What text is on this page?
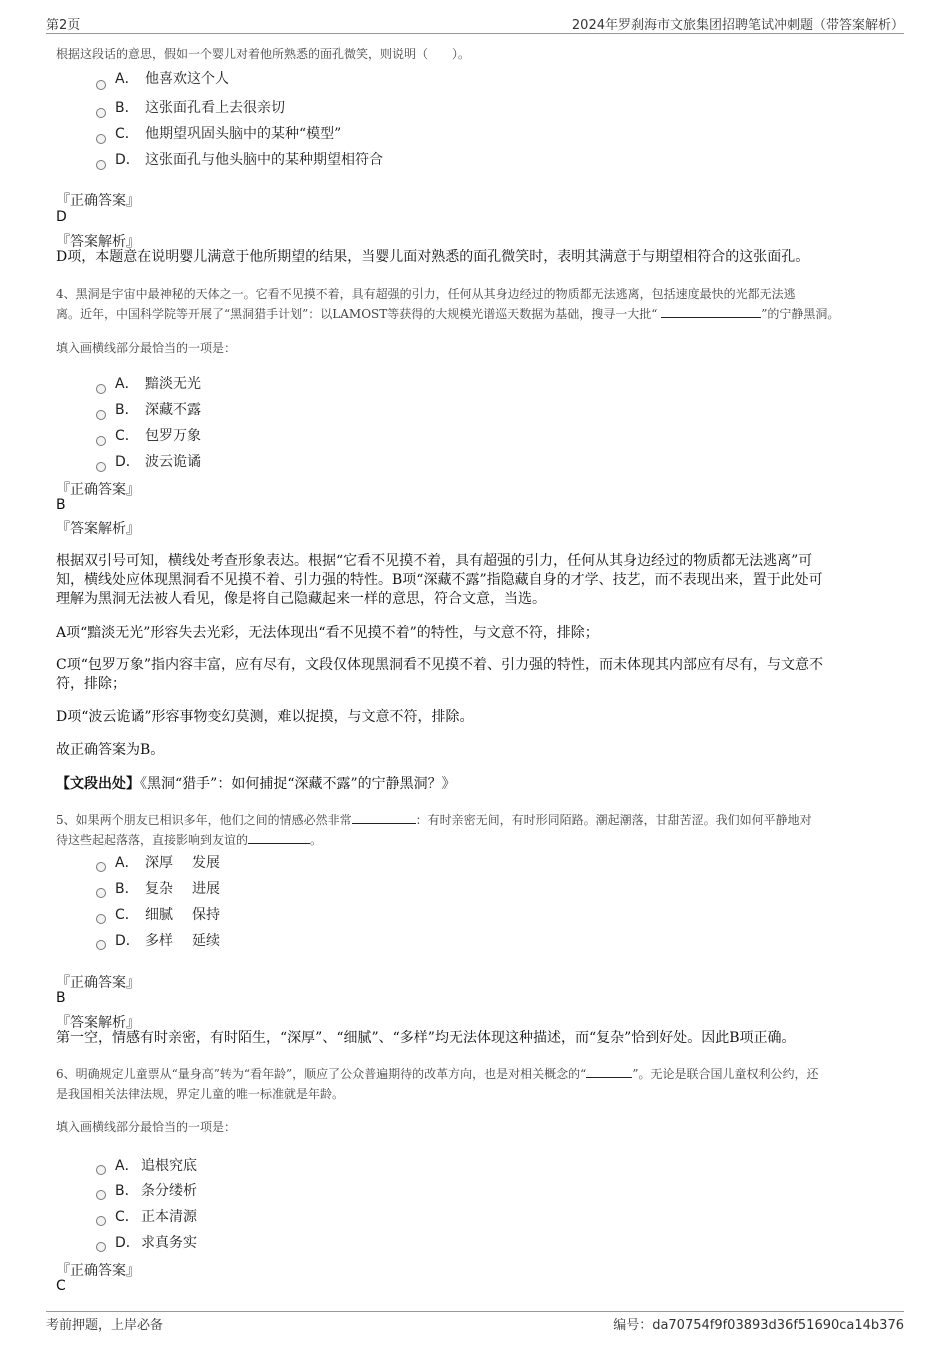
第2页	2024年罗刹海市文旅集团招聘笔试冲刺题（带答案解析）
根据这段话的意思，假如一个婴儿对着他所熟悉的面孔微笑，则说明（　　）。
A． 他喜欢这个人
B． 这张面孔看上去很亲切
C． 他期望巩固头脑中的某种“模型”
D． 这张面孔与他头脑中的某种期望相符合
『正确答案』
D
『答案解析』
D项，本题意在说明婴儿满意于他所期望的结果，当婴儿面对熟悉的面孔微笑时，表明其满意于与期望相符合的这张面孔。
4、黑洞是宇宙中最神秘的天体之一。它看不见摸不着，具有超强的引力，任何从其身边经过的物质都无法逃离，包括速度最快的光都无法逃
离。近年，中国科学院等开展了“黑洞猎手计划”：以LAMOST等获得的大规模光谱巡天数据为基础，搜寻一大批“	”的宁静黑洞。
填入画横线部分最恰当的一项是：
A． 黯淡无光
B． 深藏不露
C． 包罗万象
D． 波云诡谲
『正确答案』
B
『答案解析』
根据双引号可知，横线处考查形象表达。根据“它看不见摸不着，具有超强的引力，任何从其身边经过的物质都无法逃离”可
知，横线处应体现黑洞看不见摸不着、引力强的特性。B项“深藏不露”指隐藏自身的才学、技艺，而不表现出来，置于此处可
理解为黑洞无法被人看见，像是将自己隐藏起来一样的意思，符合文意，当选。
A项“黯淡无光”形容失去光彩，无法体现出“看不见摸不着”的特性，与文意不符，排除；
C项“包罗万象”指内容丰富，应有尽有，文段仅体现黑洞看不见摸不着、引力强的特性，而未体现其内部应有尽有，与文意不
符，排除；
D项“波云诡谲”形容事物变幻莫测，难以捉摸，与文意不符，排除。
故正确答案为B。
【文段出处】《黑洞“猎手”：如何捕捉“深藏不露”的宁静黑洞？》
5、如果两个朋友已相识多年，他们之间的情感必然非常	：有时亲密无间，有时形同陌路。潮起潮落，甘甜苦涩。我们如何平静地对
待这些起起落落，直接影响到友谊的	。
A． 深厚 发展
B． 复杂 进展
C． 细腻 保持
D． 多样 延续
『正确答案』
B
『答案解析』
第一空，情感有时亲密，有时陌生，“深厚”、“细腻”、“多样”均无法体现这种描述，而“复杂”恰到好处。因此B项正确。
6、明确规定儿童票从“量身高”转为“看年龄”，顺应了公众普遍期待的改革方向，也是对相关概念的“	”。无论是联合国儿童权利公约，还
是我国相关法律法规，界定儿童的唯一标准就是年龄。
填入画横线部分最恰当的一项是：
A． 追根究底
B． 条分缕析
C． 正本清源
D． 求真务实
『正确答案』
C
考前押题，上岸必备	编号：da70754f9f03893d36f51690ca14b376
